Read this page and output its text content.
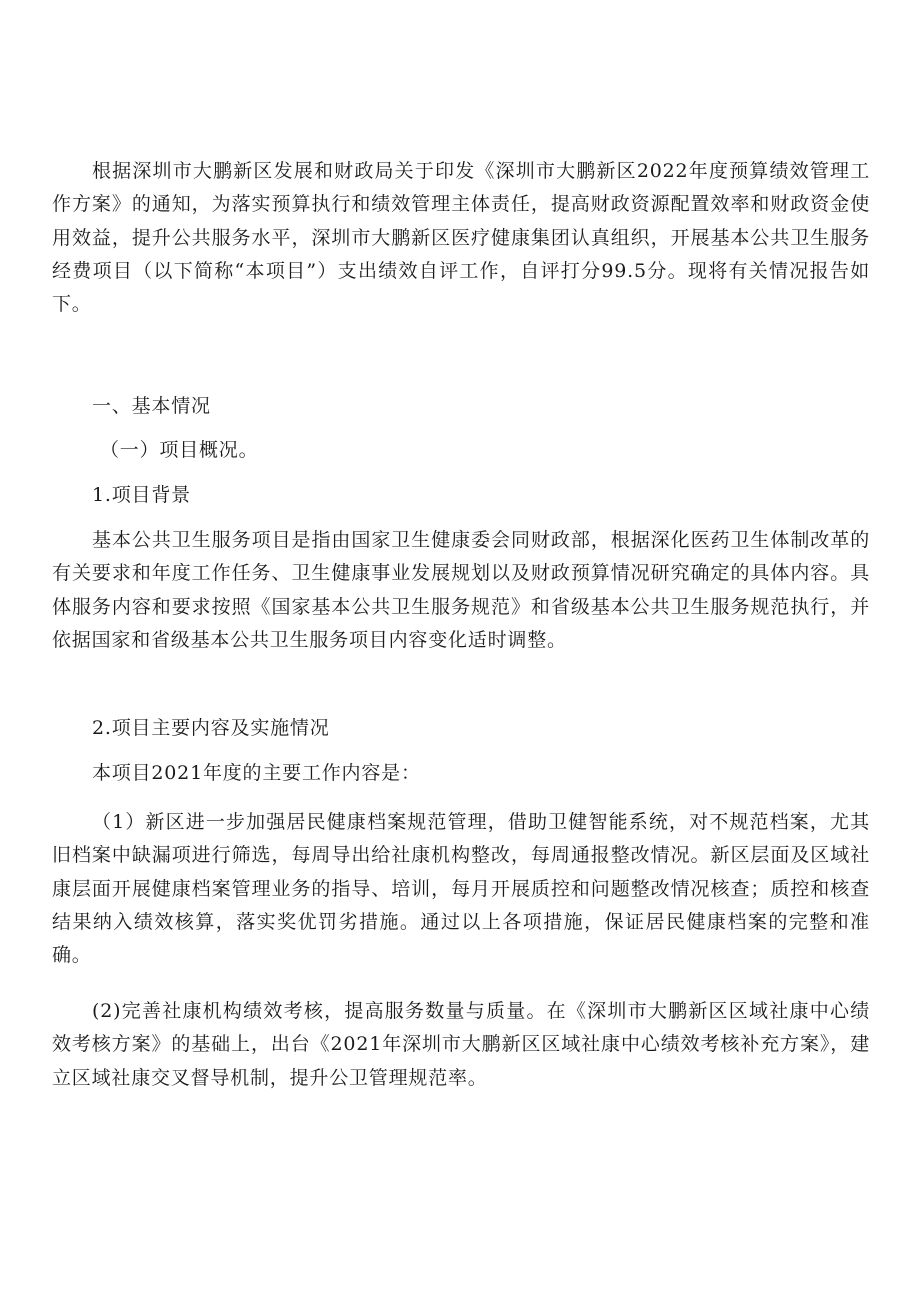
根据深圳市大鹏新区发展和财政局关于印发《深圳市大鹏新区2022年度预算绩效管理工作方案》的通知，为落实预算执行和绩效管理主体责任，提高财政资源配置效率和财政资金使用效益，提升公共服务水平，深圳市大鹏新区医疗健康集团认真组织，开展基本公共卫生服务经费项目（以下简称“本项目”）支出绩效自评工作，自评打分99.5分。现将有关情况报告如下。

一、基本情况

（一）项目概况。

1.项目背景

基本公共卫生服务项目是指由国家卫生健康委会同财政部，根据深化医药卫生体制改革的有关要求和年度工作任务、卫生健康事业发展规划以及财政预算情况研究确定的具体内容。具体服务内容和要求按照《国家基本公共卫生服务规范》和省级基本公共卫生服务规范执行，并依据国家和省级基本公共卫生服务项目内容变化适时调整。

2.项目主要内容及实施情况

本项目2021年度的主要工作内容是：

（1）新区进一步加强居民健康档案规范管理，借助卫健智能系统，对不规范档案，尤其旧档案中缺漏项进行筛选，每周导出给社康机构整改，每周通报整改情况。新区层面及区域社康层面开展健康档案管理业务的指导、培训，每月开展质控和问题整改情况核查；质控和核查结果纳入绩效核算，落实奖优罚劣措施。通过以上各项措施，保证居民健康档案的完整和准确。

(2)完善社康机构绩效考核，提高服务数量与质量。在《深圳市大鹏新区区域社康中心绩效考核方案》的基础上，出台《2021年深圳市大鹏新区区域社康中心绩效考核补充方案》，建立区域社康交叉督导机制，提升公卫管理规范率。
